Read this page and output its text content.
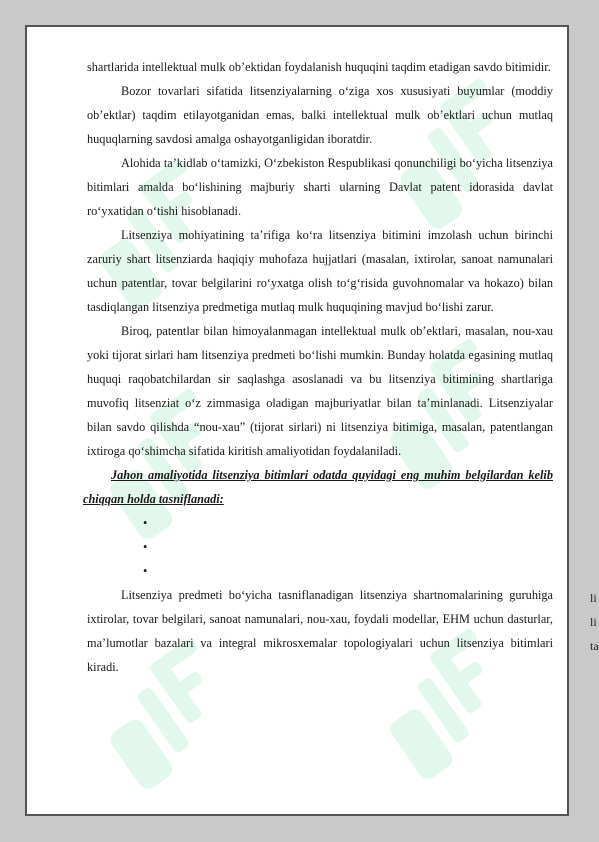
shartlarida intellektual mulk ob’ektidan foydalanish huquqini taqdim etadigan savdo bitimidir.

Bozor tovarlari sifatida litsenziyalarning o‘ziga xos xususiyati buyumlar (moddiy ob’ektlar) taqdim etilayotganidan emas, balki intellektual mulk ob’ektlari uchun mutlaq huquqlarning savdosi amalga oshayotganligidan iboratdir.

Alohida ta’kidlab o‘tamizki, O‘zbekiston Respublikasi qonunchiligi bo‘yicha litsenziya bitimlari amalda bo‘lishining majburiy sharti ularning Davlat patent idorasida davlat ro‘yxatidan o‘tishi hisoblanadi.

Litsenziya mohiyatining ta’rifiga ko‘ra litsenziya bitimini imzolash uchun birinchi zaruriy shart litsenziarda haqiqiy muhofaza hujjatlari (masalan, ixtirolar, sanoat namunalari uchun patentlar, tovar belgilarini ro‘yxatga olish to‘g‘risida guvohnomalar va hokazo) bilan tasdiqlangan litsenziya predmetiga mutlaq mulk huquqining mavjud bo‘lishi zarur.

Biroq, patentlar bilan himoyalanmagan intellektual mulk ob’ektlari, masalan, nou-xau yoki tijorat sirlari ham litsenziya predmeti bo‘lishi mumkin. Bunday holatda egasining mutlaq huquqi raqobatchilardan sir saqlashga asoslanadi va bu litsenziya bitimining shartlariga muvofiq litsenziat o‘z zimmasiga oladigan majburiyatlar bilan ta’minlanadi. Litsenziyalar bilan savdo qilishda “nou-xau” (tijorat sirlari) ni litsenziya bitimiga, masalan, patentlangan ixtiroga qo‘shimcha sifatida kiritish amaliyotidan foydalaniladi.

Jahon amaliyotida litsenziya bitimlari odatda quyidagi eng muhim belgilardan kelib chiqqan holda tasniflanadi:

•
•
•

Litsenziya predmeti bo‘yicha tasniflanadigan litsenziya shartnomalarining guruhiga ixtirolar, tovar belgilari, sanoat namunalari, nou-xau, foydali modellar, EHM uchun dasturlar, ma’lumotlar bazalari va integral mikrosxemalar topologiyalari uchun litsenziya bitimlari kiradi.

li
li
ta
